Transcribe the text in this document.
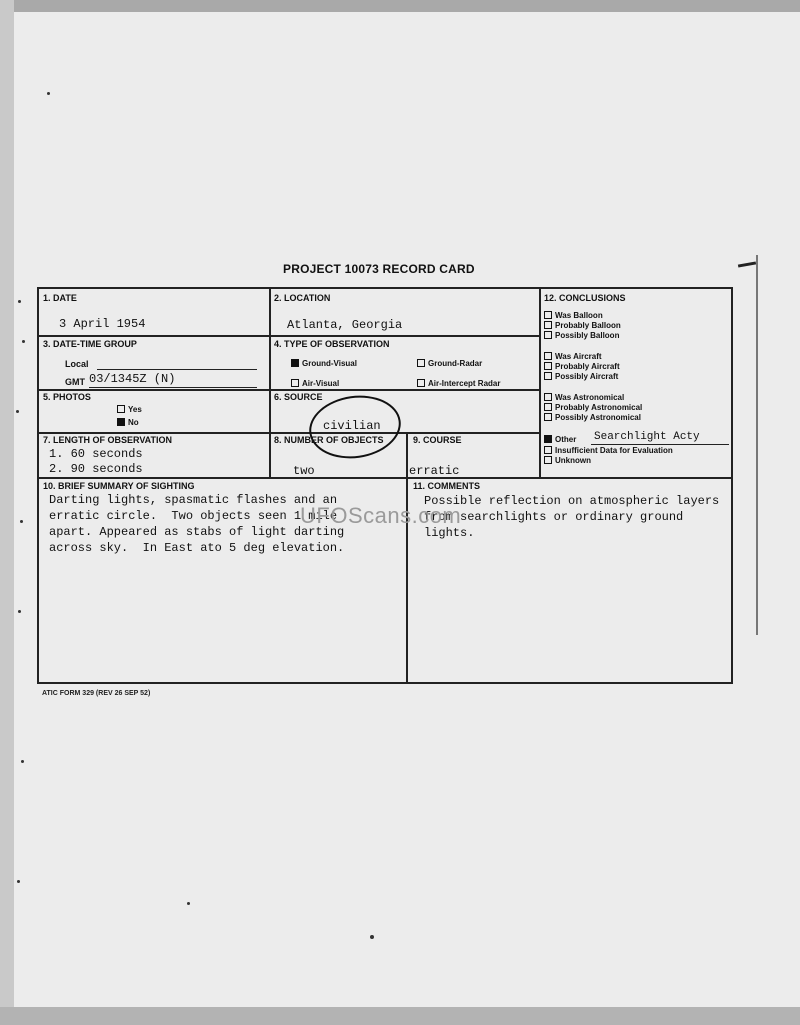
PROJECT 10073 RECORD CARD
1. DATE
3 April 1954
2. LOCATION
Atlanta, Georgia
3. DATE-TIME GROUP
Local
GMT 03/1345Z (N)
4. TYPE OF OBSERVATION
Ground-Visual	Ground-Radar
Air-Visual	Air-Intercept Radar
5. PHOTOS
Yes
No
6. SOURCE
civilian
7. LENGTH OF OBSERVATION
1. 60 seconds
2. 90 seconds
8. NUMBER OF OBJECTS
two
9. COURSE
erratic
10. BRIEF SUMMARY OF SIGHTING
Darting lights, spasmatic flashes and an
erratic circle.  Two objects seen 1 mile
apart. Appeared as stabs of light darting
across sky.  In East ato 5 deg elevation.
11. COMMENTS
Possible reflection on atmospheric layers
from searchlights or ordinary ground
lights.
12. CONCLUSIONS
Was Balloon
Probably Balloon
Possibly Balloon
Was Aircraft
Probably Aircraft
Possibly Aircraft
Was Astronomical
Probably Astronomical
Possibly Astronomical
Other Searchlight Acty
Insufficient Data for Evaluation
Unknown
UFOScans.com
ATIC FORM 329 (REV 26 SEP 52)
